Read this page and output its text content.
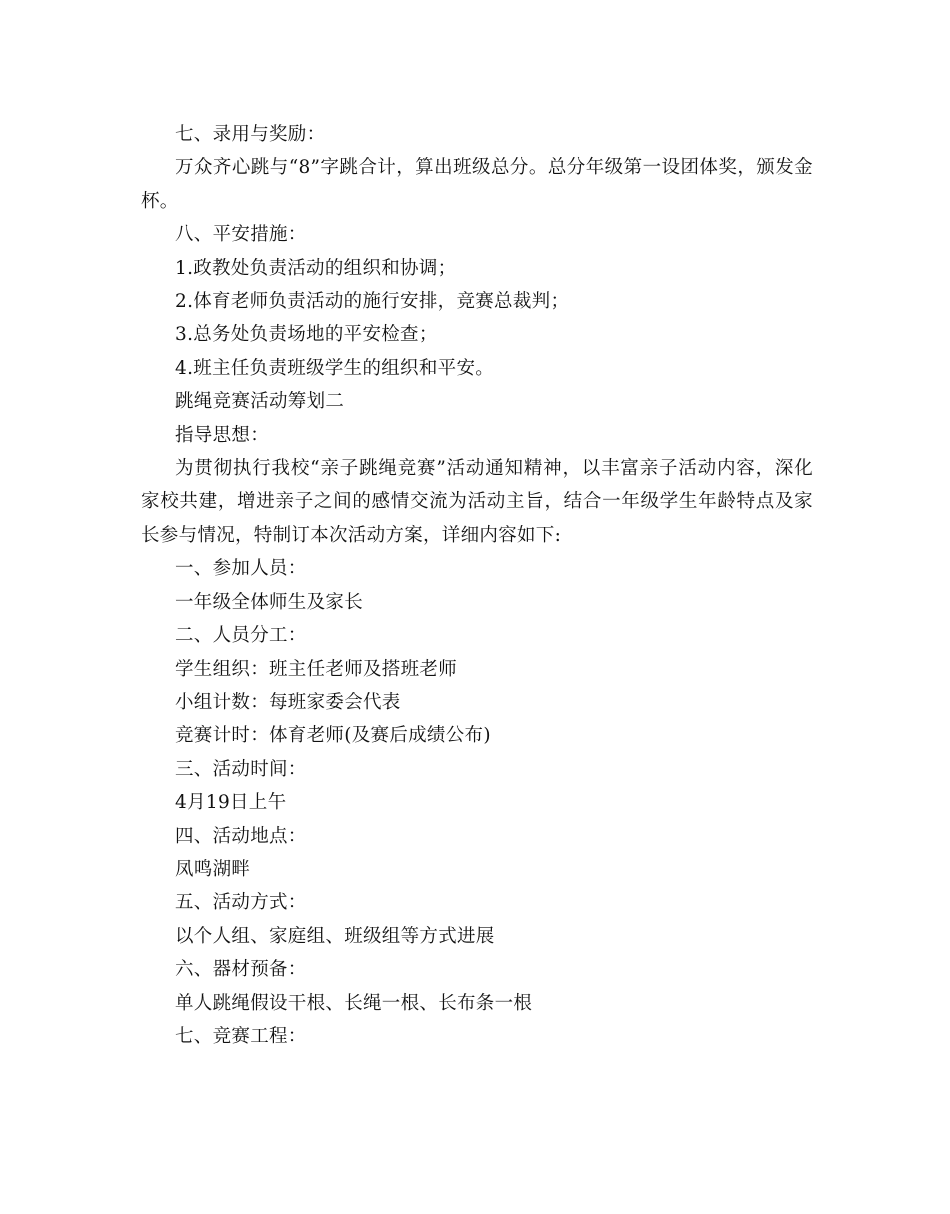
七、录用与奖励：

万众齐心跳与“8”字跳合计，算出班级总分。总分年级第一设团体奖，颁发金杯。

八、平安措施：

1.政教处负责活动的组织和协调；

2.体育老师负责活动的施行安排，竞赛总裁判；

3.总务处负责场地的平安检查；

4.班主任负责班级学生的组织和平安。

跳绳竞赛活动筹划二

指导思想：

为贯彻执行我校“亲子跳绳竞赛”活动通知精神，以丰富亲子活动内容，深化家校共建，增进亲子之间的感情交流为活动主旨，结合一年级学生年龄特点及家长参与情况，特制订本次活动方案，详细内容如下:

一、参加人员：

一年级全体师生及家长

二、人员分工：

学生组织：班主任老师及搭班老师

小组计数：每班家委会代表

竞赛计时：体育老师(及赛后成绩公布)

三、活动时间：

4月19日上午

四、活动地点：

凤鸣湖畔

五、活动方式：

以个人组、家庭组、班级组等方式进展

六、器材预备：

单人跳绳假设干根、长绳一根、长布条一根

七、竞赛工程：
